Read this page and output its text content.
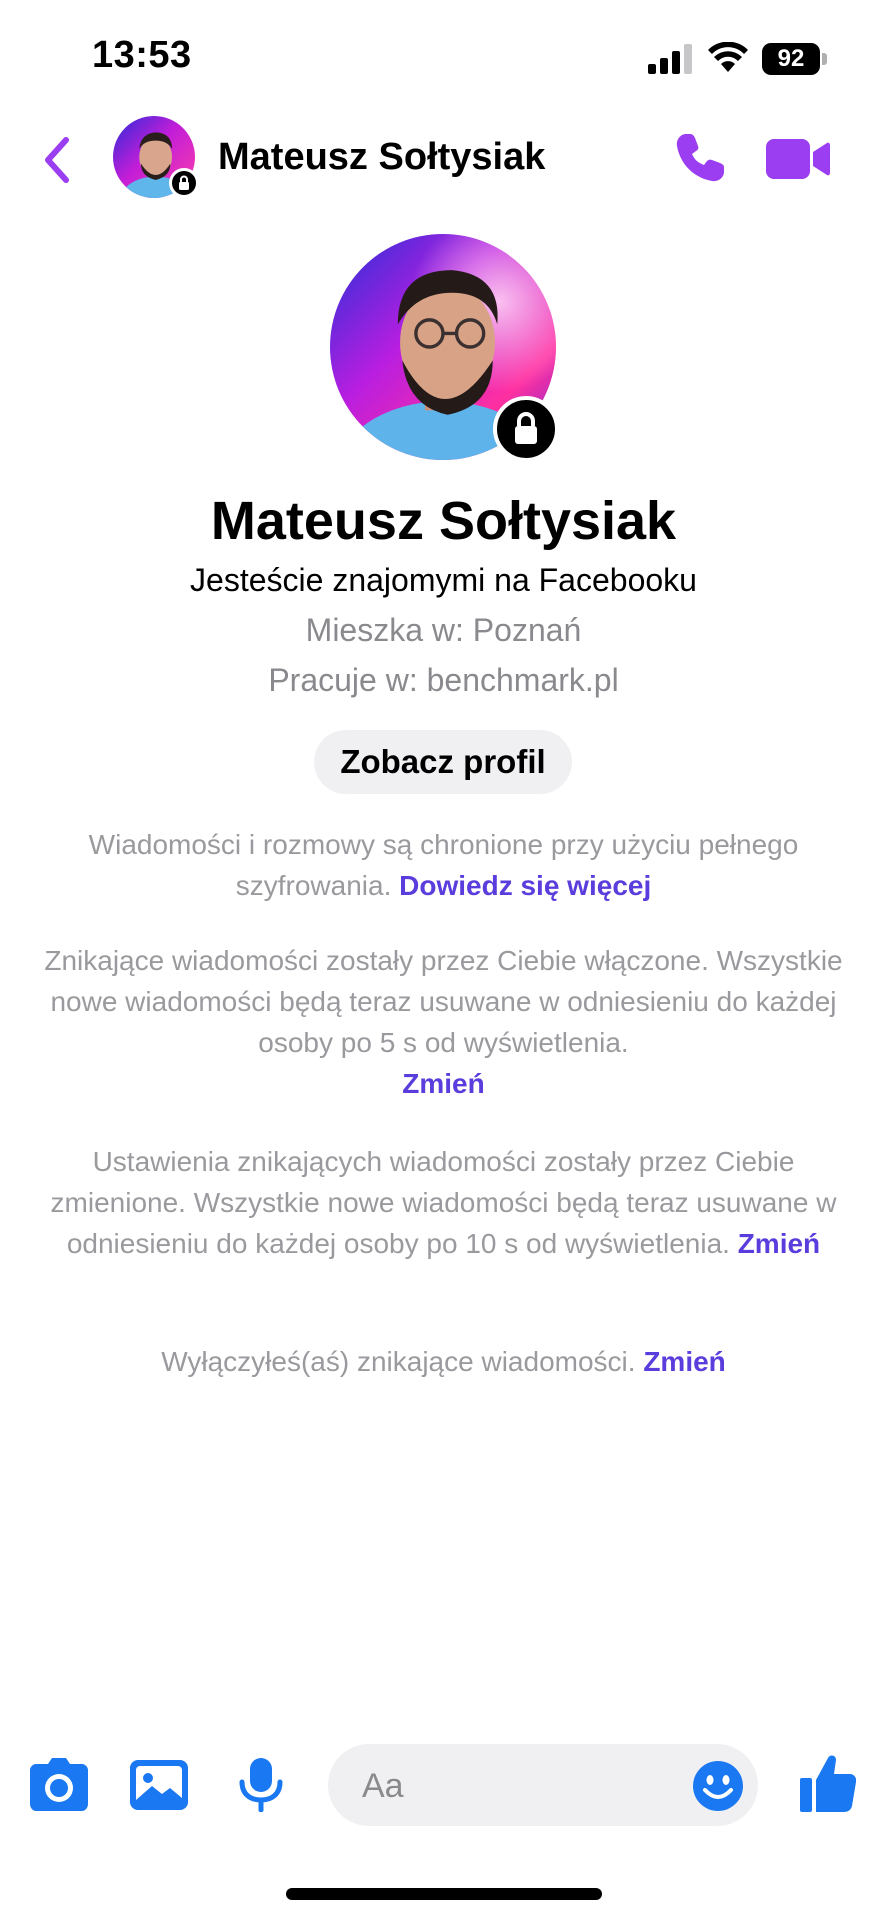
13:53	92
Mateusz Sołtysiak
Mateusz Sołtysiak
Jesteście znajomymi na Facebooku
Mieszka w: Poznań
Pracuje w: benchmark.pl
Zobacz profil
Wiadomości i rozmowy są chronione przy użyciu pełnego szyfrowania. Dowiedz się więcej
Znikające wiadomości zostały przez Ciebie włączone. Wszystkie nowe wiadomości będą teraz usuwane w odniesieniu do każdej osoby po 5 s od wyświetlenia.
Zmień
Ustawienia znikających wiadomości zostały przez Ciebie zmienione. Wszystkie nowe wiadomości będą teraz usuwane w odniesieniu do każdej osoby po 10 s od wyświetlenia. Zmień
Wyłączyłeś(aś) znikające wiadomości. Zmień
Aa
